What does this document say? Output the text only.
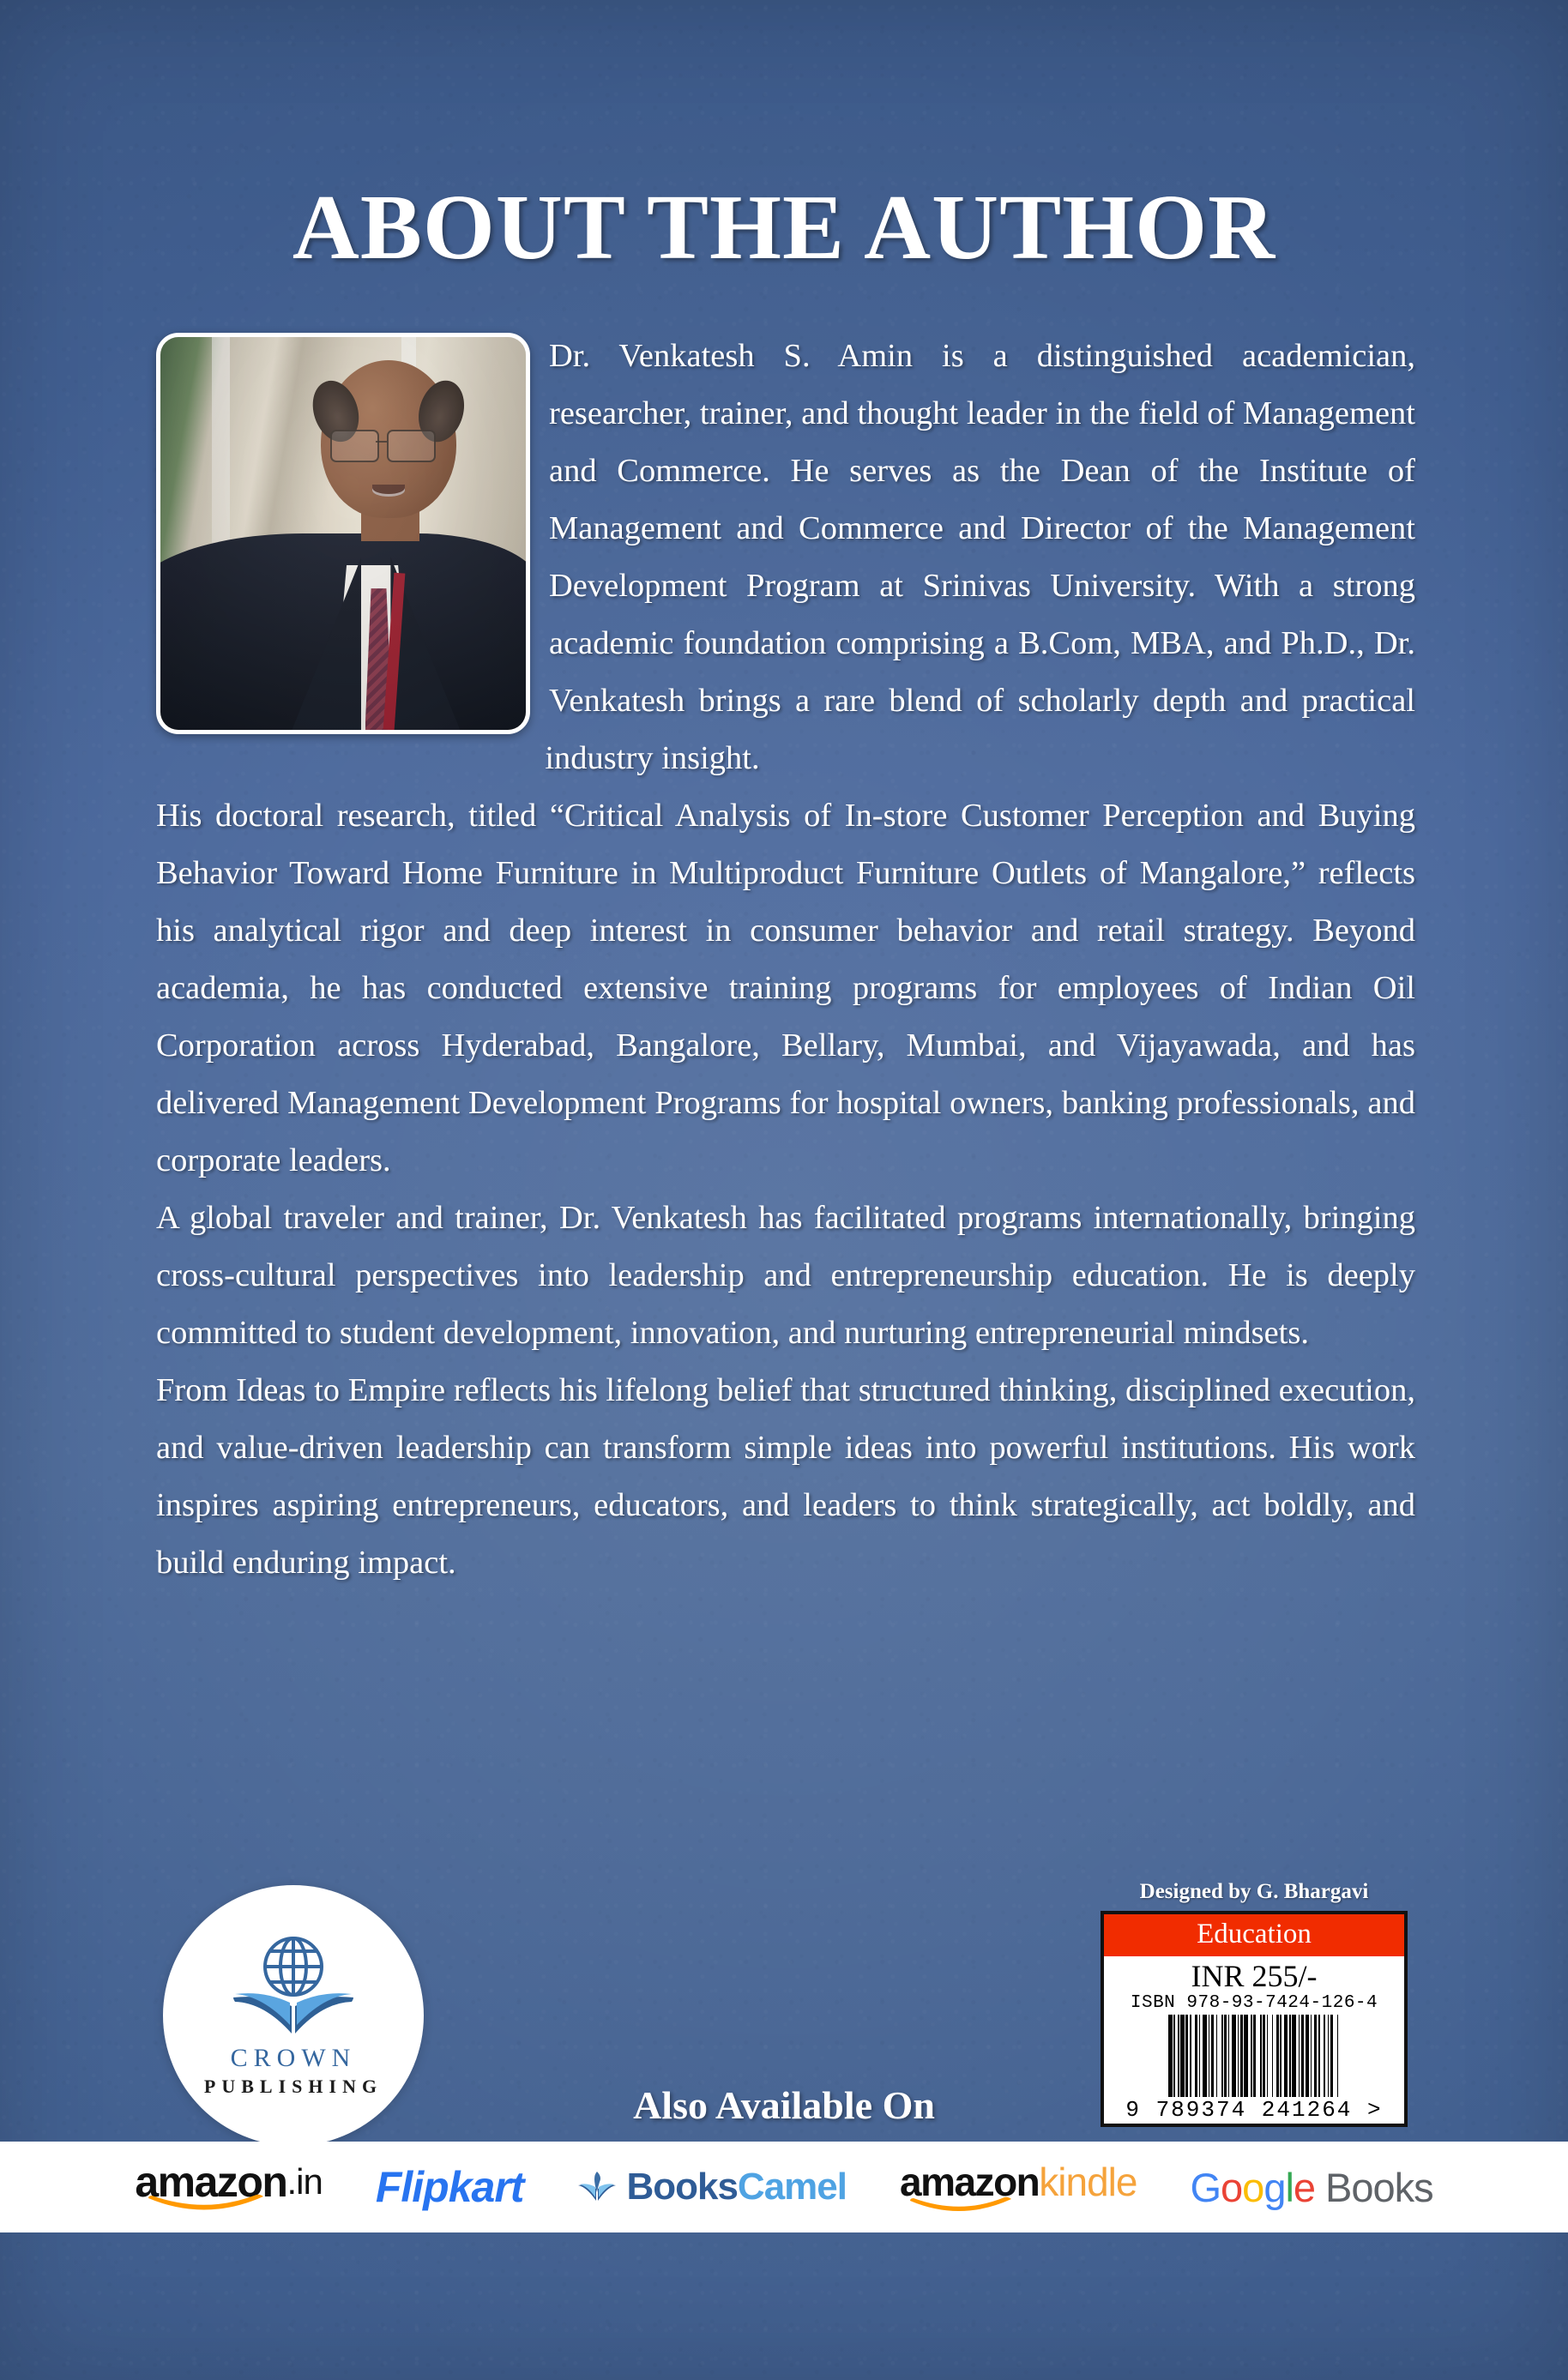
ABOUT THE AUTHOR

Dr. Venkatesh S. Amin is a distinguished academician, researcher, trainer, and thought leader in the field of Management and Commerce. He serves as the Dean of the Institute of Management and Commerce and Director of the Management Development Program at Srinivas University. With a strong academic foundation comprising a B.Com, MBA, and Ph.D., Dr. Venkatesh brings a rare blend of scholarly depth and practical industry insight.

His doctoral research, titled “Critical Analysis of In-store Customer Perception and Buying Behavior Toward Home Furniture in Multiproduct Furniture Outlets of Mangalore,” reflects his analytical rigor and deep interest in consumer behavior and retail strategy. Beyond academia, he has conducted extensive training programs for employees of Indian Oil Corporation across Hyderabad, Bangalore, Bellary, Mumbai, and Vijayawada, and has delivered Management Development Programs for hospital owners, banking professionals, and corporate leaders.

A global traveler and trainer, Dr. Venkatesh has facilitated programs internationally, bringing cross-cultural perspectives into leadership and entrepreneurship education. He is deeply committed to student development, innovation, and nurturing entrepreneurial mindsets.

From Ideas to Empire reflects his lifelong belief that structured thinking, disciplined execution, and value-driven leadership can transform simple ideas into powerful institutions. His work inspires aspiring entrepreneurs, educators, and leaders to think strategically, act boldly, and build enduring impact.

CROWN
PUBLISHING
Designed by G. Bhargavi
Education
INR 255/-
ISBN 978-93-7424-126-4
9 789374 241264 >
Also Available On
amazon .in Flipkart	BooksCamel amazon kindle Google Books
